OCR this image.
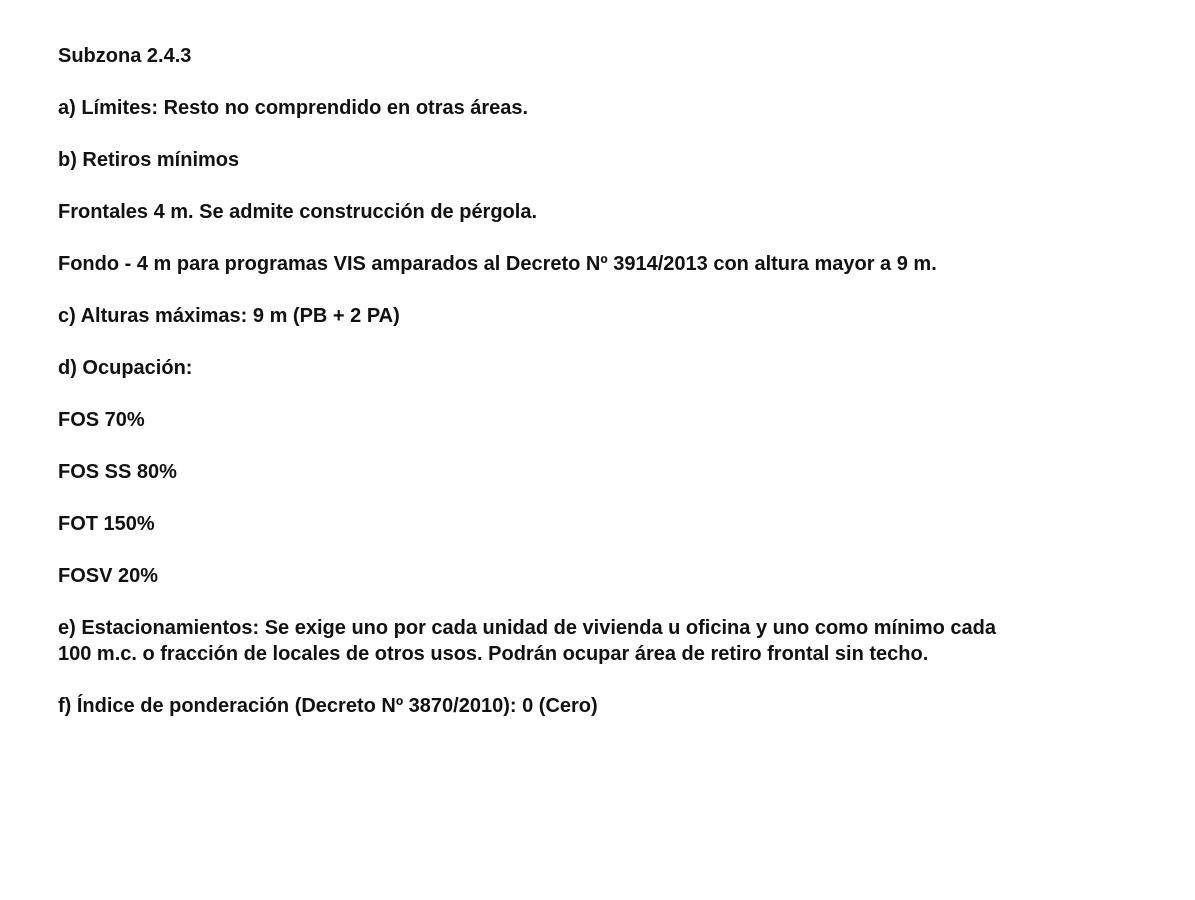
Subzona 2.4.3

a) Límites: Resto no comprendido en otras áreas.

b) Retiros mínimos

Frontales 4 m. Se admite construcción de pérgola.

Fondo - 4 m para programas VIS amparados al Decreto Nº 3914/2013 con altura mayor a 9 m.

c) Alturas máximas: 9 m (PB + 2 PA)

d) Ocupación:

FOS 70%

FOS SS 80%

FOT 150%

FOSV 20%

e) Estacionamientos: Se exige uno por cada unidad de vivienda u oficina y uno como mínimo cada 100 m.c. o fracción de locales de otros usos. Podrán ocupar área de retiro frontal sin techo.

f) Índice de ponderación (Decreto Nº 3870/2010): 0 (Cero)
